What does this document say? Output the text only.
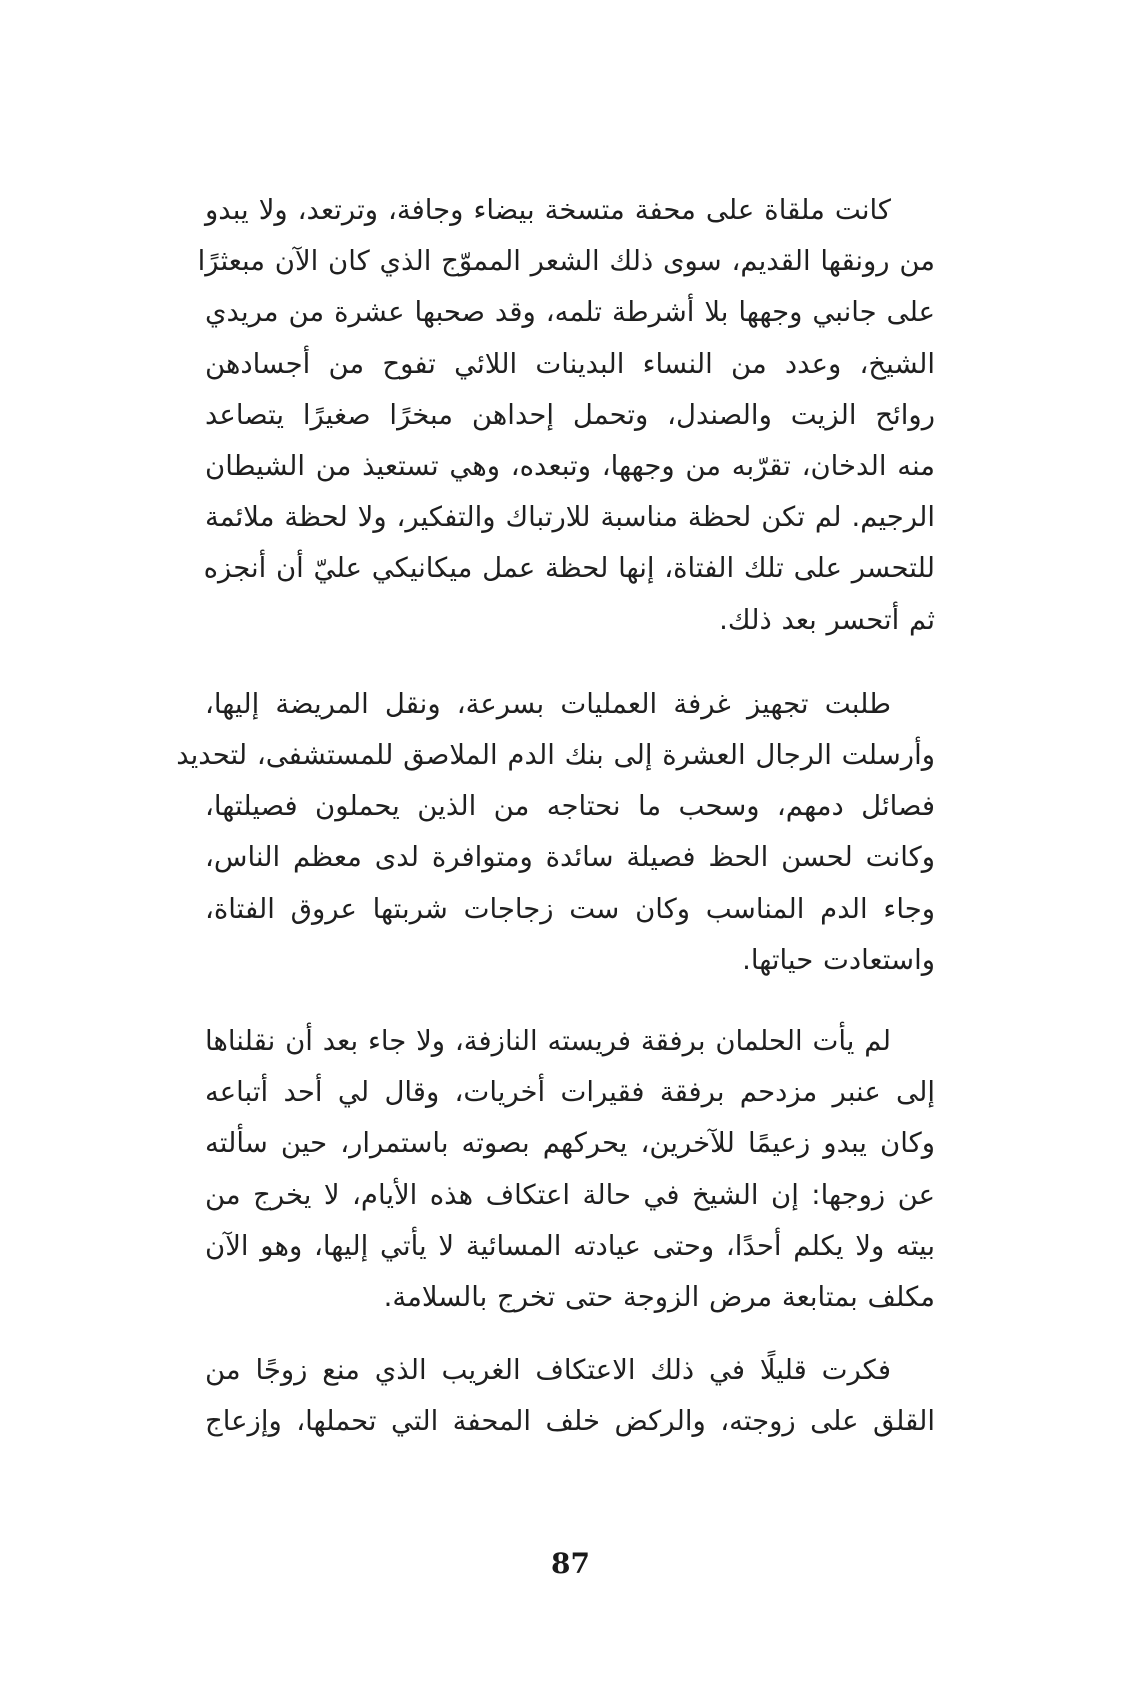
كانت ملقاة على محفة متسخة بيضاء وجافة، وترتعد، ولا يبدو
من رونقها القديم، سوى ذلك الشعر المموّج الذي كان الآن مبعثرًا
على جانبي وجهها بلا أشرطة تلمه، وقد صحبها عشرة من مريدي
الشيخ، وعدد من النساء البدينات اللائي تفوح من أجسادهن
روائح الزيت والصندل، وتحمل إحداهن مبخرًا صغيرًا يتصاعد
منه الدخان، تقرّبه من وجهها، وتبعده، وهي تستعيذ من الشيطان
الرجيم. لم تكن لحظة مناسبة للارتباك والتفكير، ولا لحظة ملائمة
للتحسر على تلك الفتاة، إنها لحظة عمل ميكانيكي عليّ أن أنجزه
ثم أتحسر بعد ذلك.

طلبت تجهيز غرفة العمليات بسرعة، ونقل المريضة إليها،
وأرسلت الرجال العشرة إلى بنك الدم الملاصق للمستشفى، لتحديد
فصائل دمهم، وسحب ما نحتاجه من الذين يحملون فصيلتها،
وكانت لحسن الحظ فصيلة سائدة ومتوافرة لدى معظم الناس،
وجاء الدم المناسب وكان ست زجاجات شربتها عروق الفتاة،
واستعادت حياتها.

لم يأت الحلمان برفقة فريسته النازفة، ولا جاء بعد أن نقلناها
إلى عنبر مزدحم برفقة فقيرات أخريات، وقال لي أحد أتباعه
وكان يبدو زعيمًا للآخرين، يحركهم بصوته باستمرار، حين سألته
عن زوجها: إن الشيخ في حالة اعتكاف هذه الأيام، لا يخرج من
بيته ولا يكلم أحدًا، وحتى عيادته المسائية لا يأتي إليها، وهو الآن
مكلف بمتابعة مرض الزوجة حتى تخرج بالسلامة.

فكرت قليلًا في ذلك الاعتكاف الغريب الذي منع زوجًا من
القلق على زوجته، والركض خلف المحفة التي تحملها، وإزعاج

87
